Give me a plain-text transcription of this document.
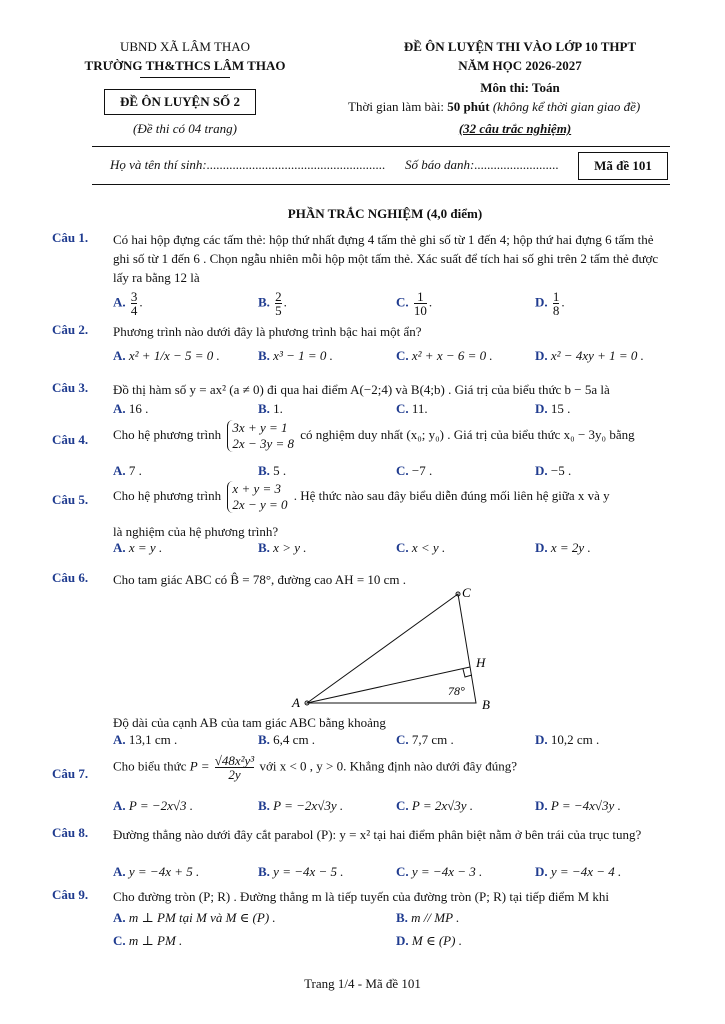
UBND XÃ LÂM THAO
TRƯỜNG TH&THCS LÂM THAO
ĐỀ ÔN LUYỆN SỐ 2
(Đề thi có 04 trang)
ĐỀ ÔN LUYỆN THI VÀO LỚP 10 THPT
NĂM HỌC 2026-2027
Môn thi: Toán
Thời gian làm bài: 50 phút (không kể thời gian giao đề)
(32 câu trắc nghiệm)
Họ và tên thí sinh:....................................................... Số báo danh:..........................	Mã đề 101
PHẦN TRẮC NGHIỆM (4,0 điểm)
Câu 1. Có hai hộp đựng các tấm thẻ: hộp thứ nhất đựng 4 tấm thẻ ghi số từ 1 đến 4; hộp thứ hai đựng 6 tấm thẻ ghi số từ 1 đến 6 . Chọn ngẫu nhiên mỗi hộp một tấm thẻ. Xác suất để tích hai số ghi trên 2 tấm thẻ được lấy ra bằng 12 là
A. $\frac{3}{4}$ .	B. $\frac{2}{5}$ .	C. $\frac{1}{10}$ .	D. $\frac{1}{8}$ .
Câu 2. Phương trình nào dưới đây là phương trình bậc hai một ẩn?
A. x² + 1/x − 5 = 0 .	B. x³ − 1 = 0 .	C. x² + x − 6 = 0 .	D. x² − 4xy + 1 = 0 .
Câu 3. Đồ thị hàm số y = ax² (a ≠ 0) đi qua hai điểm A(−2;4) và B(4;b) . Giá trị của biểu thức b − 5a là
A. 16 .	B. 1.	C. 11.	D. 15 .
Câu 4. Cho hệ phương trình 3x + y = 1
2x − 3y = 8
có nghiệm duy nhất (x₀; y₀) . Giá trị của biểu thức x₀ − 3y₀ bằng
A. 7 .	B. 5 .	C. −7 .	D. −5 .
Câu 5. Cho hệ phương trình x + y = 3
2x − y = 0
. Hệ thức nào sau đây biểu diễn đúng mối liên hệ giữa x và y
là nghiệm của hệ phương trình?
A. x = y .	B. x > y .	C. x < y .	D. x = 2y .
Câu 6. Cho tam giác ABC có B̂ = 78°, đường cao AH = 10 cm .
A
C
H
B
78°
Độ dài của cạnh AB của tam giác ABC bằng khoảng
A. 13,1 cm .	B. 6,4 cm .	C. 7,7 cm .	D. 10,2 cm .
Câu 7.
Cho biểu thức $P = \frac{\text{√48x²y³}}{2y}$ với x < 0 , y > 0. Khẳng định nào dưới đây đúng?
A. P = −2x√3 .	B. P = −2x√3y .	C. P = 2x√3y .	D. P = −4x√3y .
Câu 8. Đường thẳng nào dưới đây cắt parabol (P): y = x² tại hai điểm phân biệt nằm ở bên trái của trục tung?
A. y = −4x + 5 .	B. y = −4x − 5 .	C. y = −4x − 3 .	D. y = −4x − 4 .
Câu 9. Cho đường tròn (P; R) . Đường thẳng m là tiếp tuyến của đường tròn (P; R) tại tiếp điểm M khi
A. m ⊥ PM tại M và M ∈ (P) .	B. m // MP .
C. m ⊥ PM .	D. M ∈ (P) .
Trang 1/4 - Mã đề 101
